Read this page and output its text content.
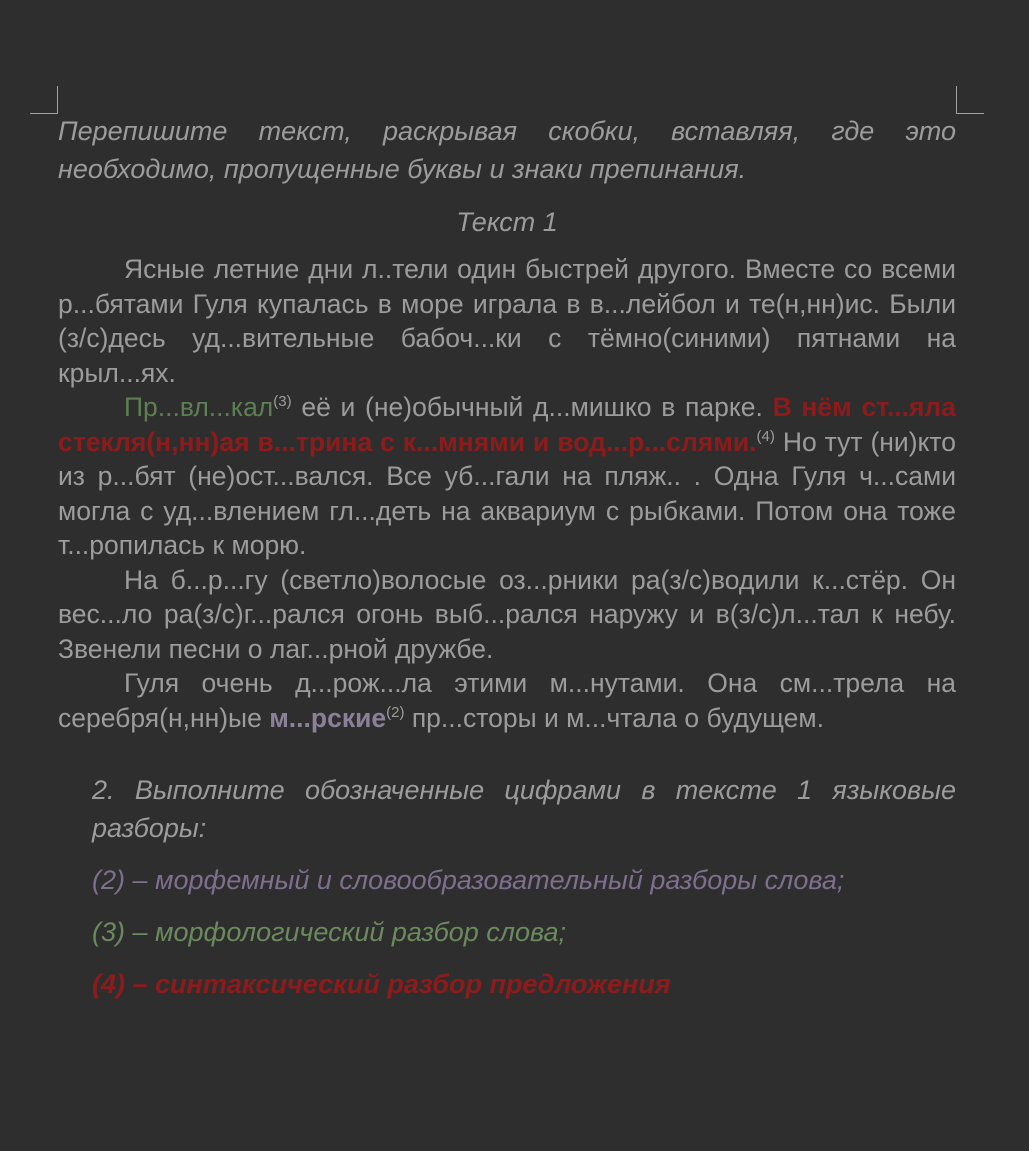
Перепишите текст, раскрывая скобки, вставляя, где это необходимо, пропущенные буквы и знаки препинания.

Текст 1

Ясные летние дни л..тели один быстрей другого. Вместе со всеми р...бятами Гуля купалась в море играла в в...лейбол и те(н,нн)ис. Были (з/с)десь уд...вительные бабоч...ки с тёмно(синими) пятнами на крыл...ях.

Пр...вл...кал$^{(3)}$ её и (не)обычный д...мишко в парке. В нём ст...яла стекля(н,нн)ая в...трина с к...мнями и вод...р...слями.$^{(4)}$ Но тут (ни)кто из р...бят (не)ост...вался. Все уб...гали на пляж.. . Одна Гуля ч...сами могла с уд...влением гл...деть на аквариум с рыбками. Потом она тоже т...ропилась к морю.

На б...р...гу (светло)волосые оз...рники ра(з/с)водили к...стёр. Он вес...ло ра(з/с)г...рался огонь выб...рался наружу и в(з/с)л...тал к небу. Звенели песни о лаг...рной дружбе.

Гуля очень д...рож...ла этими м...нутами. Она см...трела на серебря(н,нн)ые м...рские$^{(2)}$ пр...сторы и м...чтала о будущем.

2. Выполните обозначенные цифрами в тексте 1 языковые разборы:

(2) – морфемный и словообразовательный разборы слова;

(3) – морфологический разбор слова;

(4) – синтаксический разбор предложения
